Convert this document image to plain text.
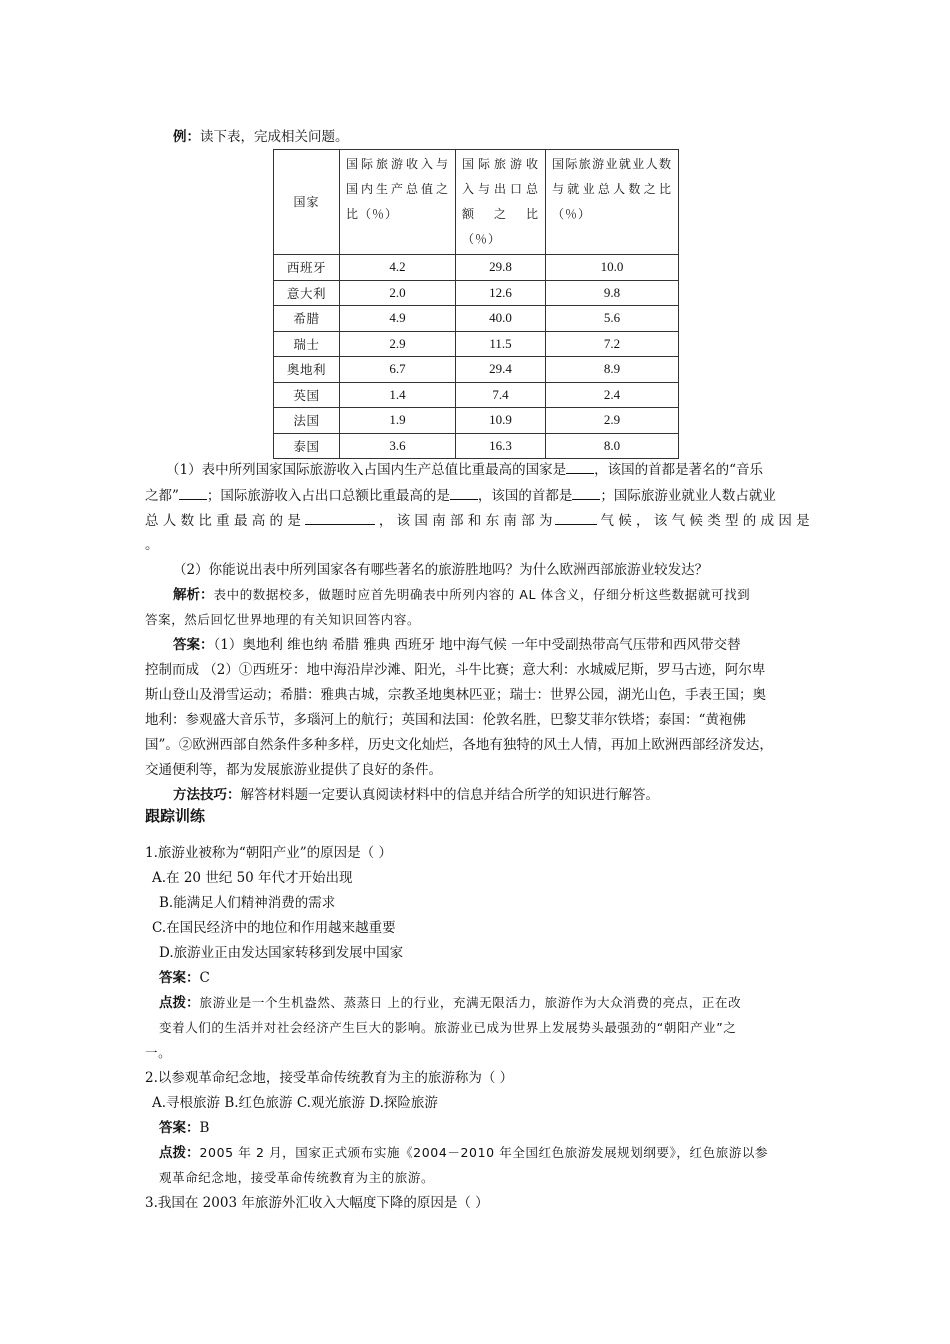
例：读下表，完成相关问题。
国家	国际旅游收入与国内生产总值之比（％）	国际旅游收入与出口总额 之 比（％）	国际旅游业就业人数与就业总人数之比（％）

西班牙	4.2	29.8	10.0
意大利	2.0	12.6	9.8
希腊	4.9	40.0	5.6
瑞士	2.9	11.5	7.2
奥地利	6.7	29.4	8.9
英国	1.4	7.4	2.4
法国	1.9	10.9	2.9
泰国	3.6	16.3	8.0
（1）表中所列国家国际旅游收入占国内生产总值比重最高的国家是 ，该国的首都是著名的“音乐
之都” ；国际旅游收入占出口总额比重最高的是 ，该国的首都是 ；国际旅游业就业人数占就业
总 人 数 比 重 最 高 的 是	， 该 国 南 部 和 东 南 部 为	气 候 ， 该 气 候 类 型 的 成 因 是
。
（2）你能说出表中所列国家各有哪些著名的旅游胜地吗？为什么欧洲西部旅游业较发达？
解析：表中的数据校多，做题时应首先明确表中所列内容的 AL 体含义，仔细分析这些数据就可找到
答案，然后回忆世界地理的有关知识回答内容。
答案：（1）奥地利 维也纳 希腊 雅典 西班牙 地中海气候 一年中受副热带高气压带和西风带交替
控制而成 （2）①西班牙：地中海沿岸沙滩、阳光，斗牛比赛；意大利：水城威尼斯，罗马古迹，阿尔卑
斯山登山及滑雪运动；希腊：雅典古城，宗教圣地奥林匹亚；瑞士：世界公园，湖光山色，手表王国；奥
地利：参观盛大音乐节，多瑙河上的航行；英国和法国：伦敦名胜，巴黎艾菲尔铁塔；泰国：“黄袍佛
国”。②欧洲西部自然条件多种多样，历史文化灿烂，各地有独特的风土人情，再加上欧洲西部经济发达，
交通便利等，都为发展旅游业提供了良好的条件。
方法技巧：解答材料题一定要认真阅读材料中的信息并结合所学的知识进行解答。
跟踪训练
1.旅游业被称为“朝阳产业”的原因是（ ）
A.在 20 世纪 50 年代才开始出现
B.能满足人们精神消费的需求
C.在国民经济中的地位和作用越来越重要
D.旅游业正由发达国家转移到发展中国家
答案：C
点拨：旅游业是一个生机盎然、蒸蒸日 上的行业，充满无限活力，旅游作为大众消费的亮点，正在改
变着人们的生活并对社会经济产生巨大的影响。旅游业已成为世界上发展势头最强劲的“朝阳产业”之
一。
2.以参观革命纪念地，接受革命传统教育为主的旅游称为（ ）
A.寻根旅游 B.红色旅游 C.观光旅游 D.探险旅游
答案：B
点拨：2005 年 2 月，国家正式颁布实施《2004－2010 年全国红色旅游发展规划纲要》，红色旅游以参
观革命纪念地，接受革命传统教育为主的旅游。
3.我国在 2003 年旅游外汇收入大幅度下降的原因是（ ）
